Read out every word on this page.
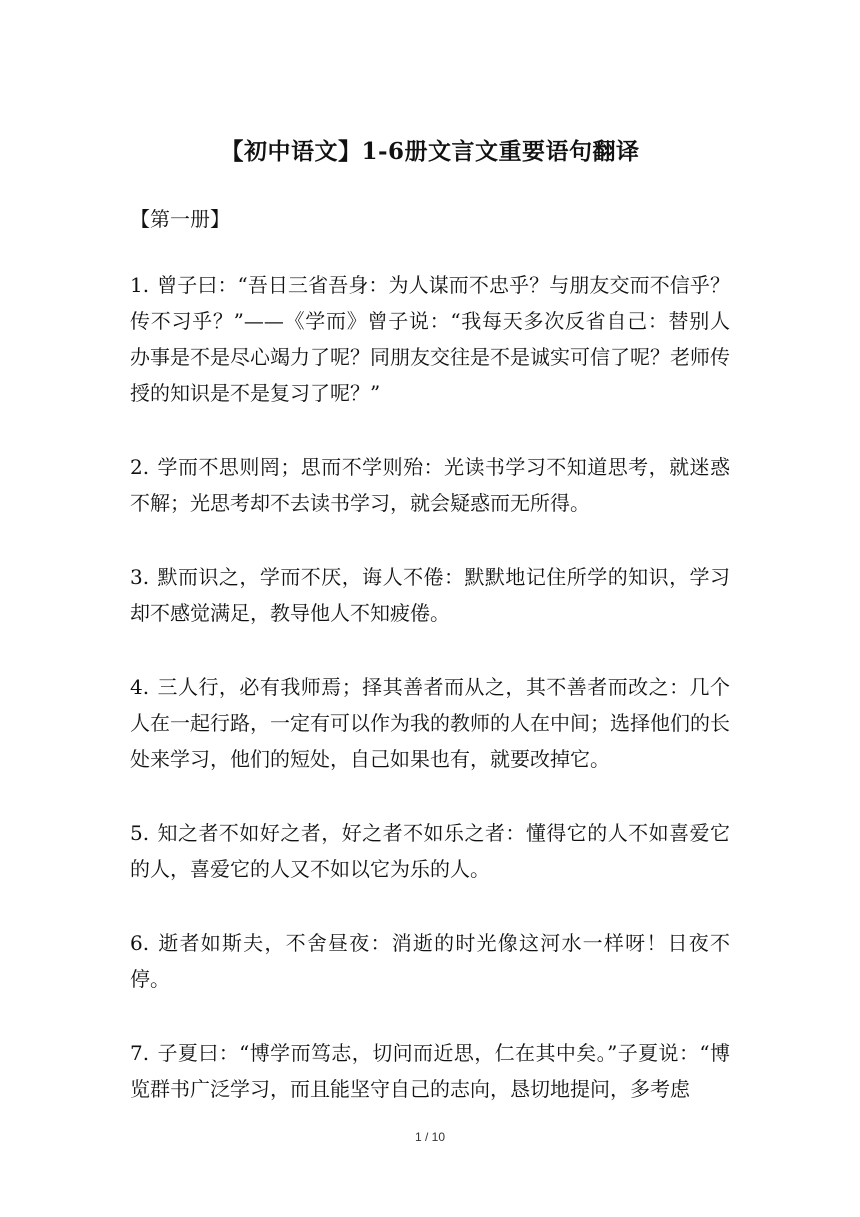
【初中语文】1-6册文言文重要语句翻译
【第一册】

1. 曾子曰：“吾日三省吾身：为人谋而不忠乎？与朋友交而不信乎？传不习乎？”——《学而》曾子说：“我每天多次反省自己：替别人办事是不是尽心竭力了呢？同朋友交往是不是诚实可信了呢？老师传授的知识是不是复习了呢？”

2. 学而不思则罔；思而不学则殆：光读书学习不知道思考，就迷惑不解；光思考却不去读书学习，就会疑惑而无所得。

3. 默而识之，学而不厌，诲人不倦：默默地记住所学的知识，学习却不感觉满足，教导他人不知疲倦。

4. 三人行，必有我师焉；择其善者而从之，其不善者而改之：几个人在一起行路，一定有可以作为我的教师的人在中间；选择他们的长处来学习，他们的短处，自己如果也有，就要改掉它。

5. 知之者不如好之者，好之者不如乐之者：懂得它的人不如喜爱它的人，喜爱它的人又不如以它为乐的人。

6. 逝者如斯夫，不舍昼夜：消逝的时光像这河水一样呀！日夜不停。

7. 子夏曰：“博学而笃志，切问而近思，仁在其中矣。”子夏说：“博览群书广泛学习，而且能坚守自己的志向，恳切地提问，多考虑

1 / 10
